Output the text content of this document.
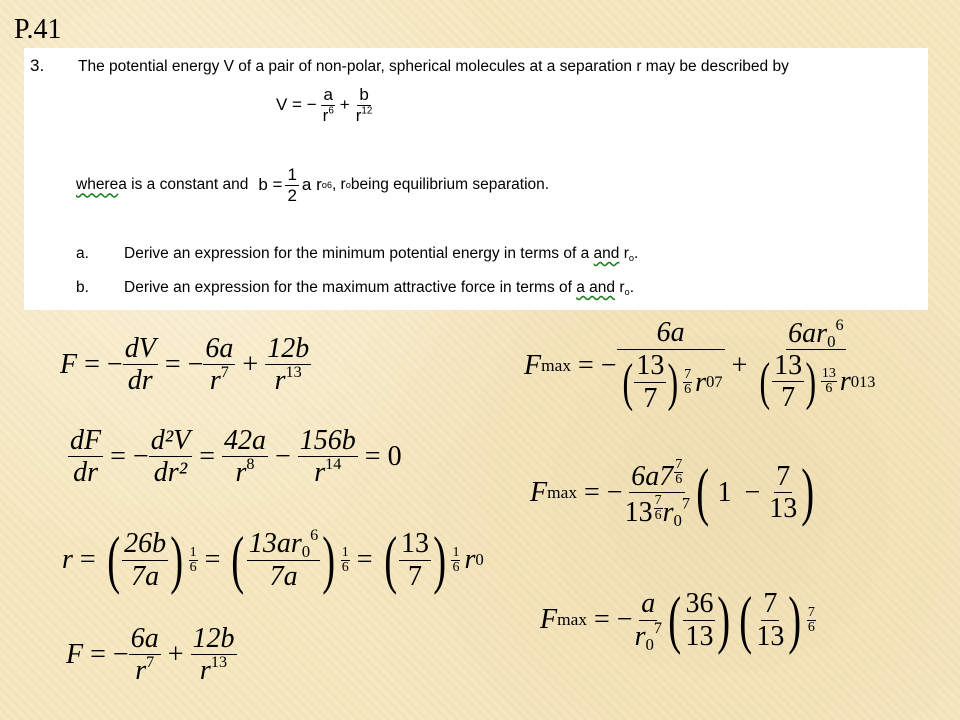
P.41
3. The potential energy V of a pair of non-polar, spherical molecules at a separation r may be described by
V = − $\frac{a}{r^6} + \frac{b}{r^{12}}$
where a is a constant and $b = \frac{1}{2}$ a r o 6 , r o being equilibrium separation.
a. Derive an expression for the minimum potential energy in terms of a and $r_o$.
b. Derive an expression for the maximum attractive force in terms of a and $r_o$.
F = − $\frac{dV}{dr}$ = − $\frac{6a}{r^7} + \frac{12b}{r^{13}}$
$\frac{dF}{dr}$ = − $\frac{\text{d²V}}{\text{dr²}} = \frac{42a}{r^8} - \frac{156b}{r^{14}} = 0$
r = ( $\frac{26b}{7a}$ ) $\frac{1}{6}$ = ( $\frac{13ar_0^6}{7a}$ ) $\frac{1}{6}$ = ( $\frac{13}{7}$ ) $\frac{1}{6}$ r 0
F = − $\frac{6a}{r^7} + \frac{12b}{r^{13}}$
F max = − $\frac{6a}{( \frac{13}{7} ) \frac{7}{6} r 0 7} + \frac{6ar_0^6}{( \frac{13}{7} ) \frac{13}{6} r 0 13}$
F max = − $\frac{6a7 \frac{7}{6}}{13 \frac{7}{6} r_0^7}$ ( $1 - \frac{7}{13}$ )
F max = − $\frac{a}{r_0^7}$ ( $\frac{36}{13}$ ) ( $\frac{7}{13}$ ) $\frac{7}{6}$
